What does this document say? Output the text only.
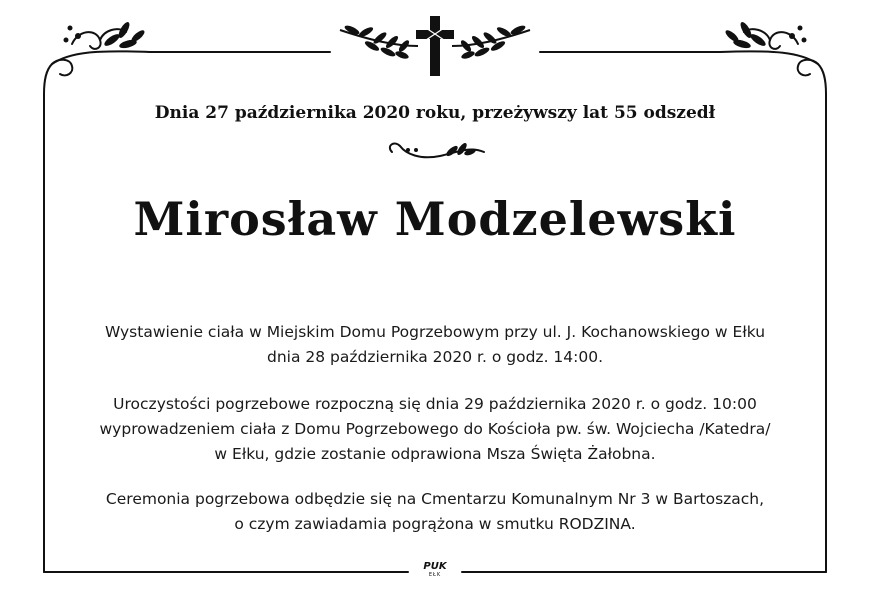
Dnia 27 października 2020 roku, przeżywszy lat 55 odszedł
Mirosław Modzelewski
Wystawienie ciała w Miejskim Domu Pogrzebowym przy ul. J. Kochanowskiego w Ełku
dnia 28 października 2020 r. o godz. 14:00.
Uroczystości pogrzebowe rozpoczną się dnia 29 października 2020 r. o godz. 10:00
wyprowadzeniem ciała z Domu Pogrzebowego do Kościoła pw. św. Wojciecha /Katedra/
w Ełku, gdzie zostanie odprawiona Msza Święta Żałobna.
Ceremonia pogrzebowa odbędzie się na Cmentarzu Komunalnym Nr 3 w Bartoszach,
o czym zawiadamia pogrążona w smutku RODZINA.
PUK
EŁK
